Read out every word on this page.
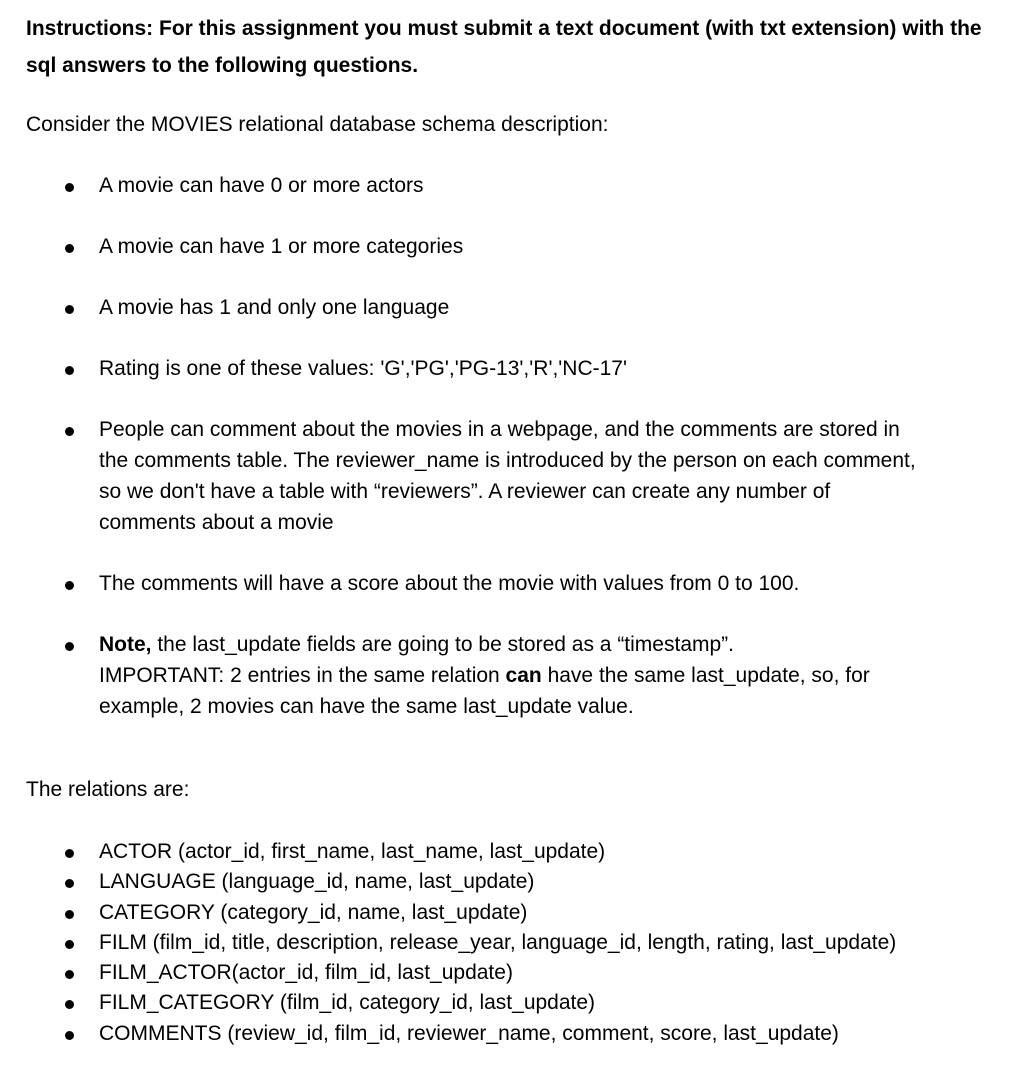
Instructions: For this assignment you must submit a text document (with txt extension) with the sql answers to the following questions.

Consider the MOVIES relational database schema description:

A movie can have 0 or more actors
A movie can have 1 or more categories
A movie has 1 and only one language
Rating is one of these values: 'G','PG','PG-13','R','NC-17'
People can comment about the movies in a webpage, and the comments are stored in
the comments table. The reviewer_name is introduced by the person on each comment,
so we don't have a table with “reviewers”. A reviewer can create any number of
comments about a movie
The comments will have a score about the movie with values from 0 to 100.
Note, the last_update fields are going to be stored as a “timestamp”.
IMPORTANT: 2 entries in the same relation can have the same last_update, so, for
example, 2 movies can have the same last_update value.

The relations are:

ACTOR (actor_id, first_name, last_name, last_update)
LANGUAGE (language_id, name, last_update)
CATEGORY (category_id, name, last_update)
FILM (film_id, title, description, release_year, language_id, length, rating, last_update)
FILM_ACTOR(actor_id, film_id, last_update)
FILM_CATEGORY (film_id, category_id, last_update)
COMMENTS (review_id, film_id, reviewer_name, comment, score, last_update)
